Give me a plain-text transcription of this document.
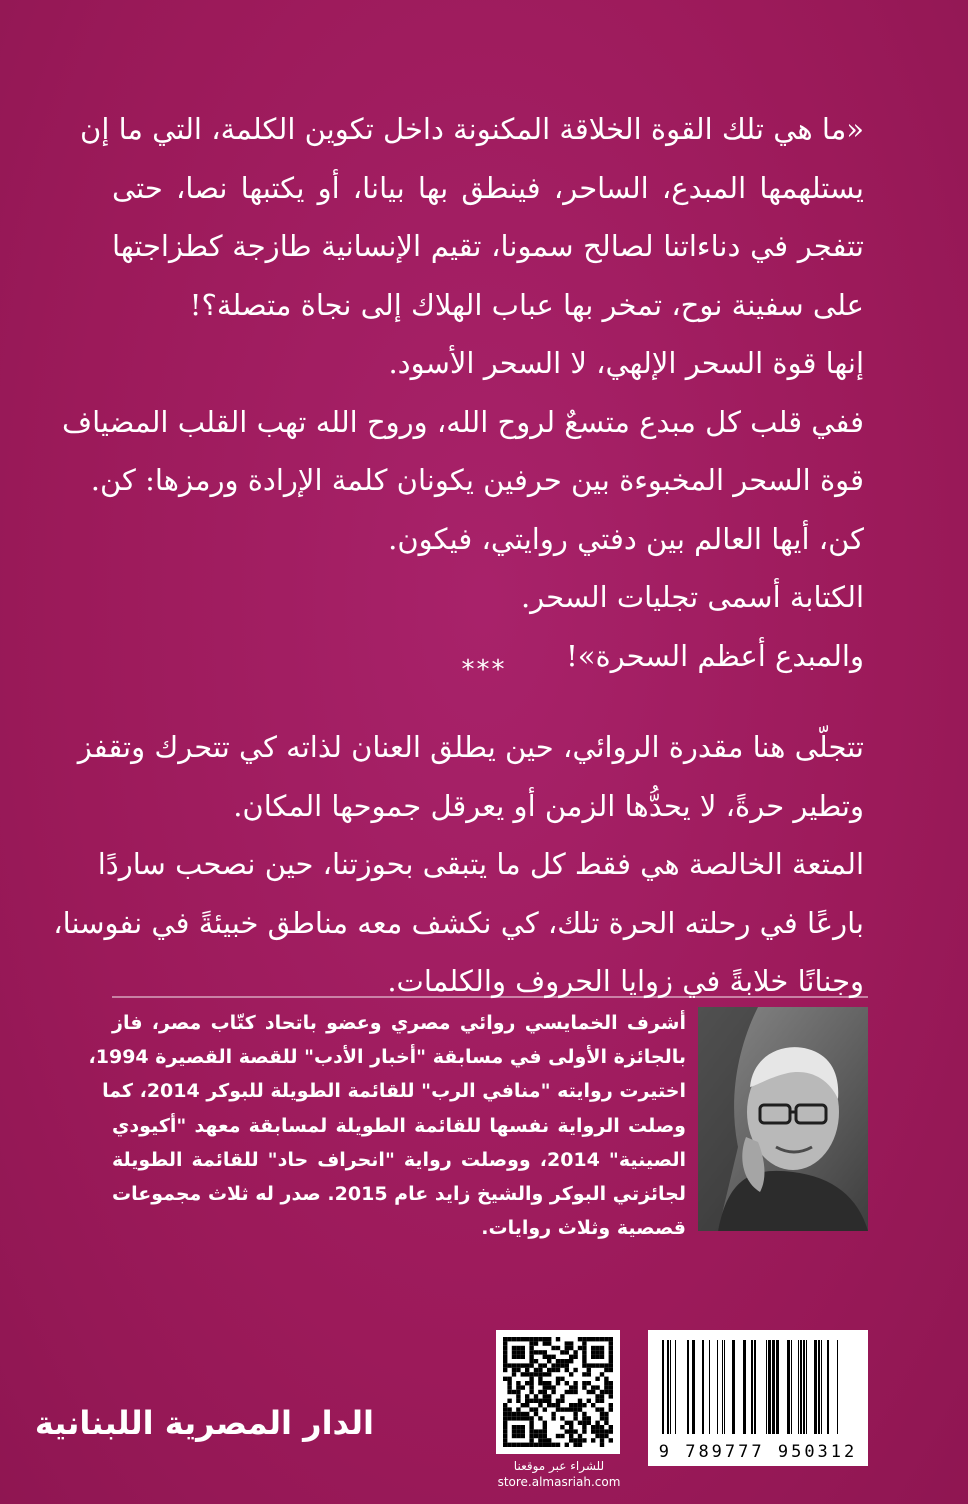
«ما هي تلك القوة الخلاقة المكنونة داخل تكوين الكلمة، التي ما إن
يستلهمها المبدع، الساحر، فينطق بها بيانا، أو يكتبها نصا، حتى
تتفجر في دناءاتنا لصالح سمونا، تقيم الإنسانية طازجة كطزاجتها
على سفينة نوح، تمخر بها عباب الهلاك إلى نجاة متصلة؟!
إنها قوة السحر الإلهي، لا السحر الأسود.
ففي قلب كل مبدع متسعٌ لروح الله، وروح الله تهب القلب المضياف
قوة السحر المخبوءة بين حرفين يكونان كلمة الإرادة ورمزها: كن.
كن، أيها العالم بين دفتي روايتي، فيكون.
الكتابة أسمى تجليات السحر.
والمبدع أعظم السحرة»!
***
تتجلّى هنا مقدرة الروائي، حين يطلق العنان لذاته كي تتحرك وتقفز
وتطير حرةً، لا يحدُّها الزمن أو يعرقل جموحها المكان.
المتعة الخالصة هي فقط كل ما يتبقى بحوزتنا، حين نصحب ساردًا
بارعًا في رحلته الحرة تلك، كي نكشف معه مناطق خبيئةً في نفوسنا،
وجنانًا خلابةً في زوايا الحروف والكلمات.
أشرف الخمايسي روائي مصري وعضو باتحاد كتّاب مصر، فاز
بالجائزة الأولى في مسابقة "أخبار الأدب" للقصة القصيرة 1994،
اختيرت روايته "منافي الرب" للقائمة الطويلة للبوكر 2014، كما
وصلت الرواية نفسها للقائمة الطويلة لمسابقة معهد "أكيودي
الصينية" 2014، ووصلت رواية "انحراف حاد" للقائمة الطويلة
لجائزتي البوكر والشيخ زايد عام 2015. صدر له ثلاث مجموعات
قصصية وثلاث روايات.
9 789777 950312
للشراء عبر موقعنا
store.almasriah.com
الدار المصرية اللبنانية
